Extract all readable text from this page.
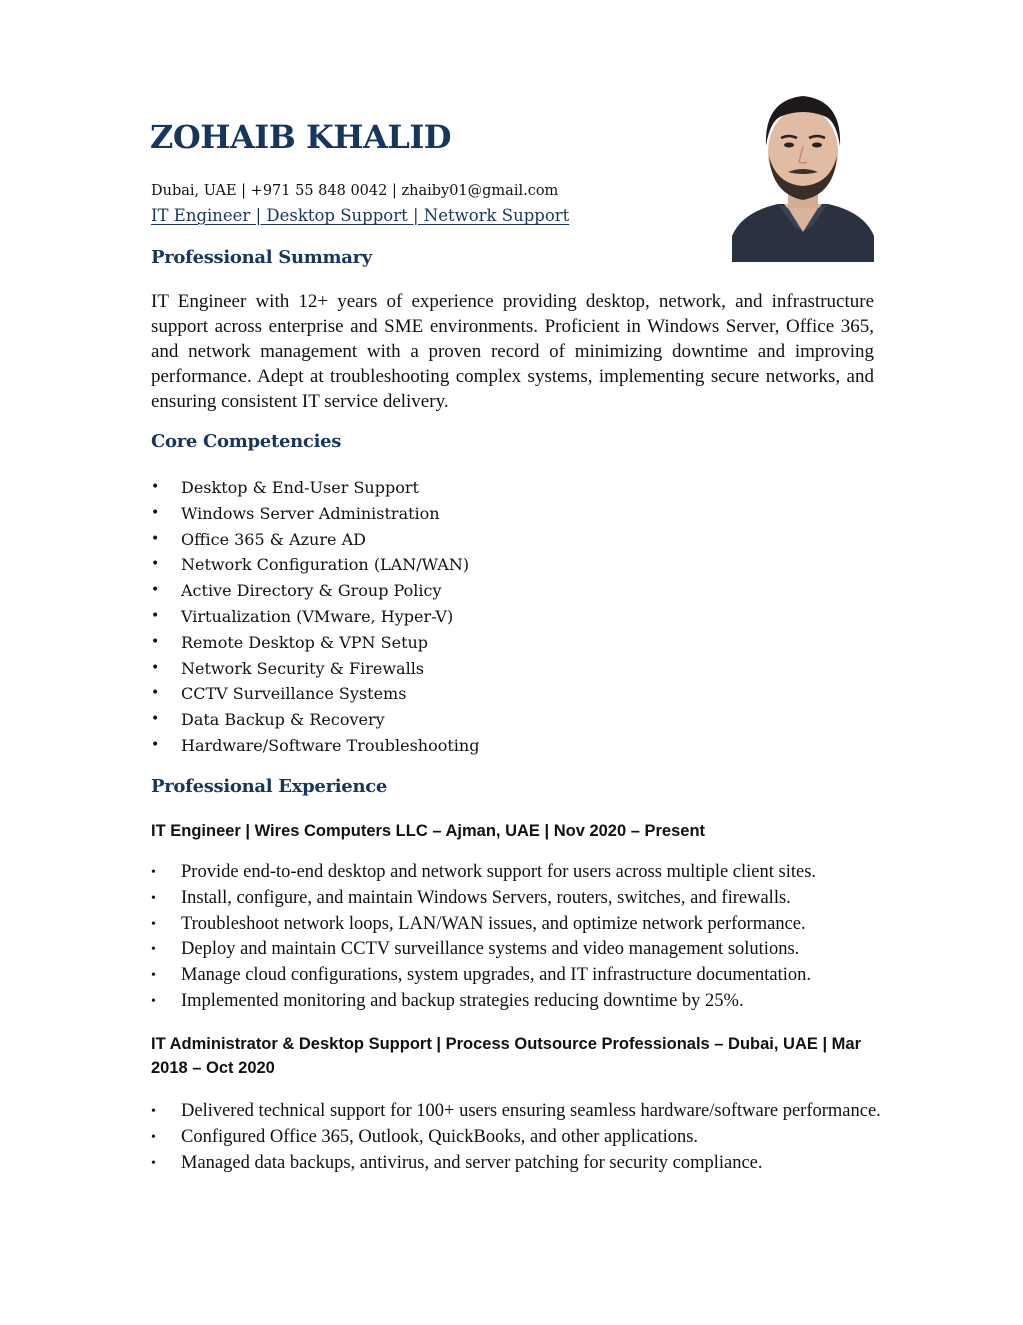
ZOHAIB KHALID
Dubai, UAE | +971 55 848 0042 | zhaiby01@gmail.com
IT Engineer | Desktop Support | Network Support
Professional Summary

IT Engineer with 12+ years of experience providing desktop, network, and infrastructure support across enterprise and SME environments. Proficient in Windows Server, Office 365, and network management with a proven record of minimizing downtime and improving performance. Adept at troubleshooting complex systems, implementing secure networks, and ensuring consistent IT service delivery.

Core Competencies
• Desktop & End-User Support
• Windows Server Administration
• Office 365 & Azure AD
• Network Configuration (LAN/WAN)
• Active Directory & Group Policy
• Virtualization (VMware, Hyper-V)
• Remote Desktop & VPN Setup
• Network Security & Firewalls
• CCTV Surveillance Systems
• Data Backup & Recovery
• Hardware/Software Troubleshooting
Professional Experience
IT Engineer | Wires Computers LLC – Ajman, UAE | Nov 2020 – Present
• Provide end-to-end desktop and network support for users across multiple client sites.
• Install, configure, and maintain Windows Servers, routers, switches, and firewalls.
• Troubleshoot network loops, LAN/WAN issues, and optimize network performance.
• Deploy and maintain CCTV surveillance systems and video management solutions.
• Manage cloud configurations, system upgrades, and IT infrastructure documentation.
• Implemented monitoring and backup strategies reducing downtime by 25%.
IT Administrator & Desktop Support | Process Outsource Professionals – Dubai, UAE | Mar 2018 – Oct 2020
• Delivered technical support for 100+ users ensuring seamless hardware/software performance.
• Configured Office 365, Outlook, QuickBooks, and other applications.
• Managed data backups, antivirus, and server patching for security compliance.
